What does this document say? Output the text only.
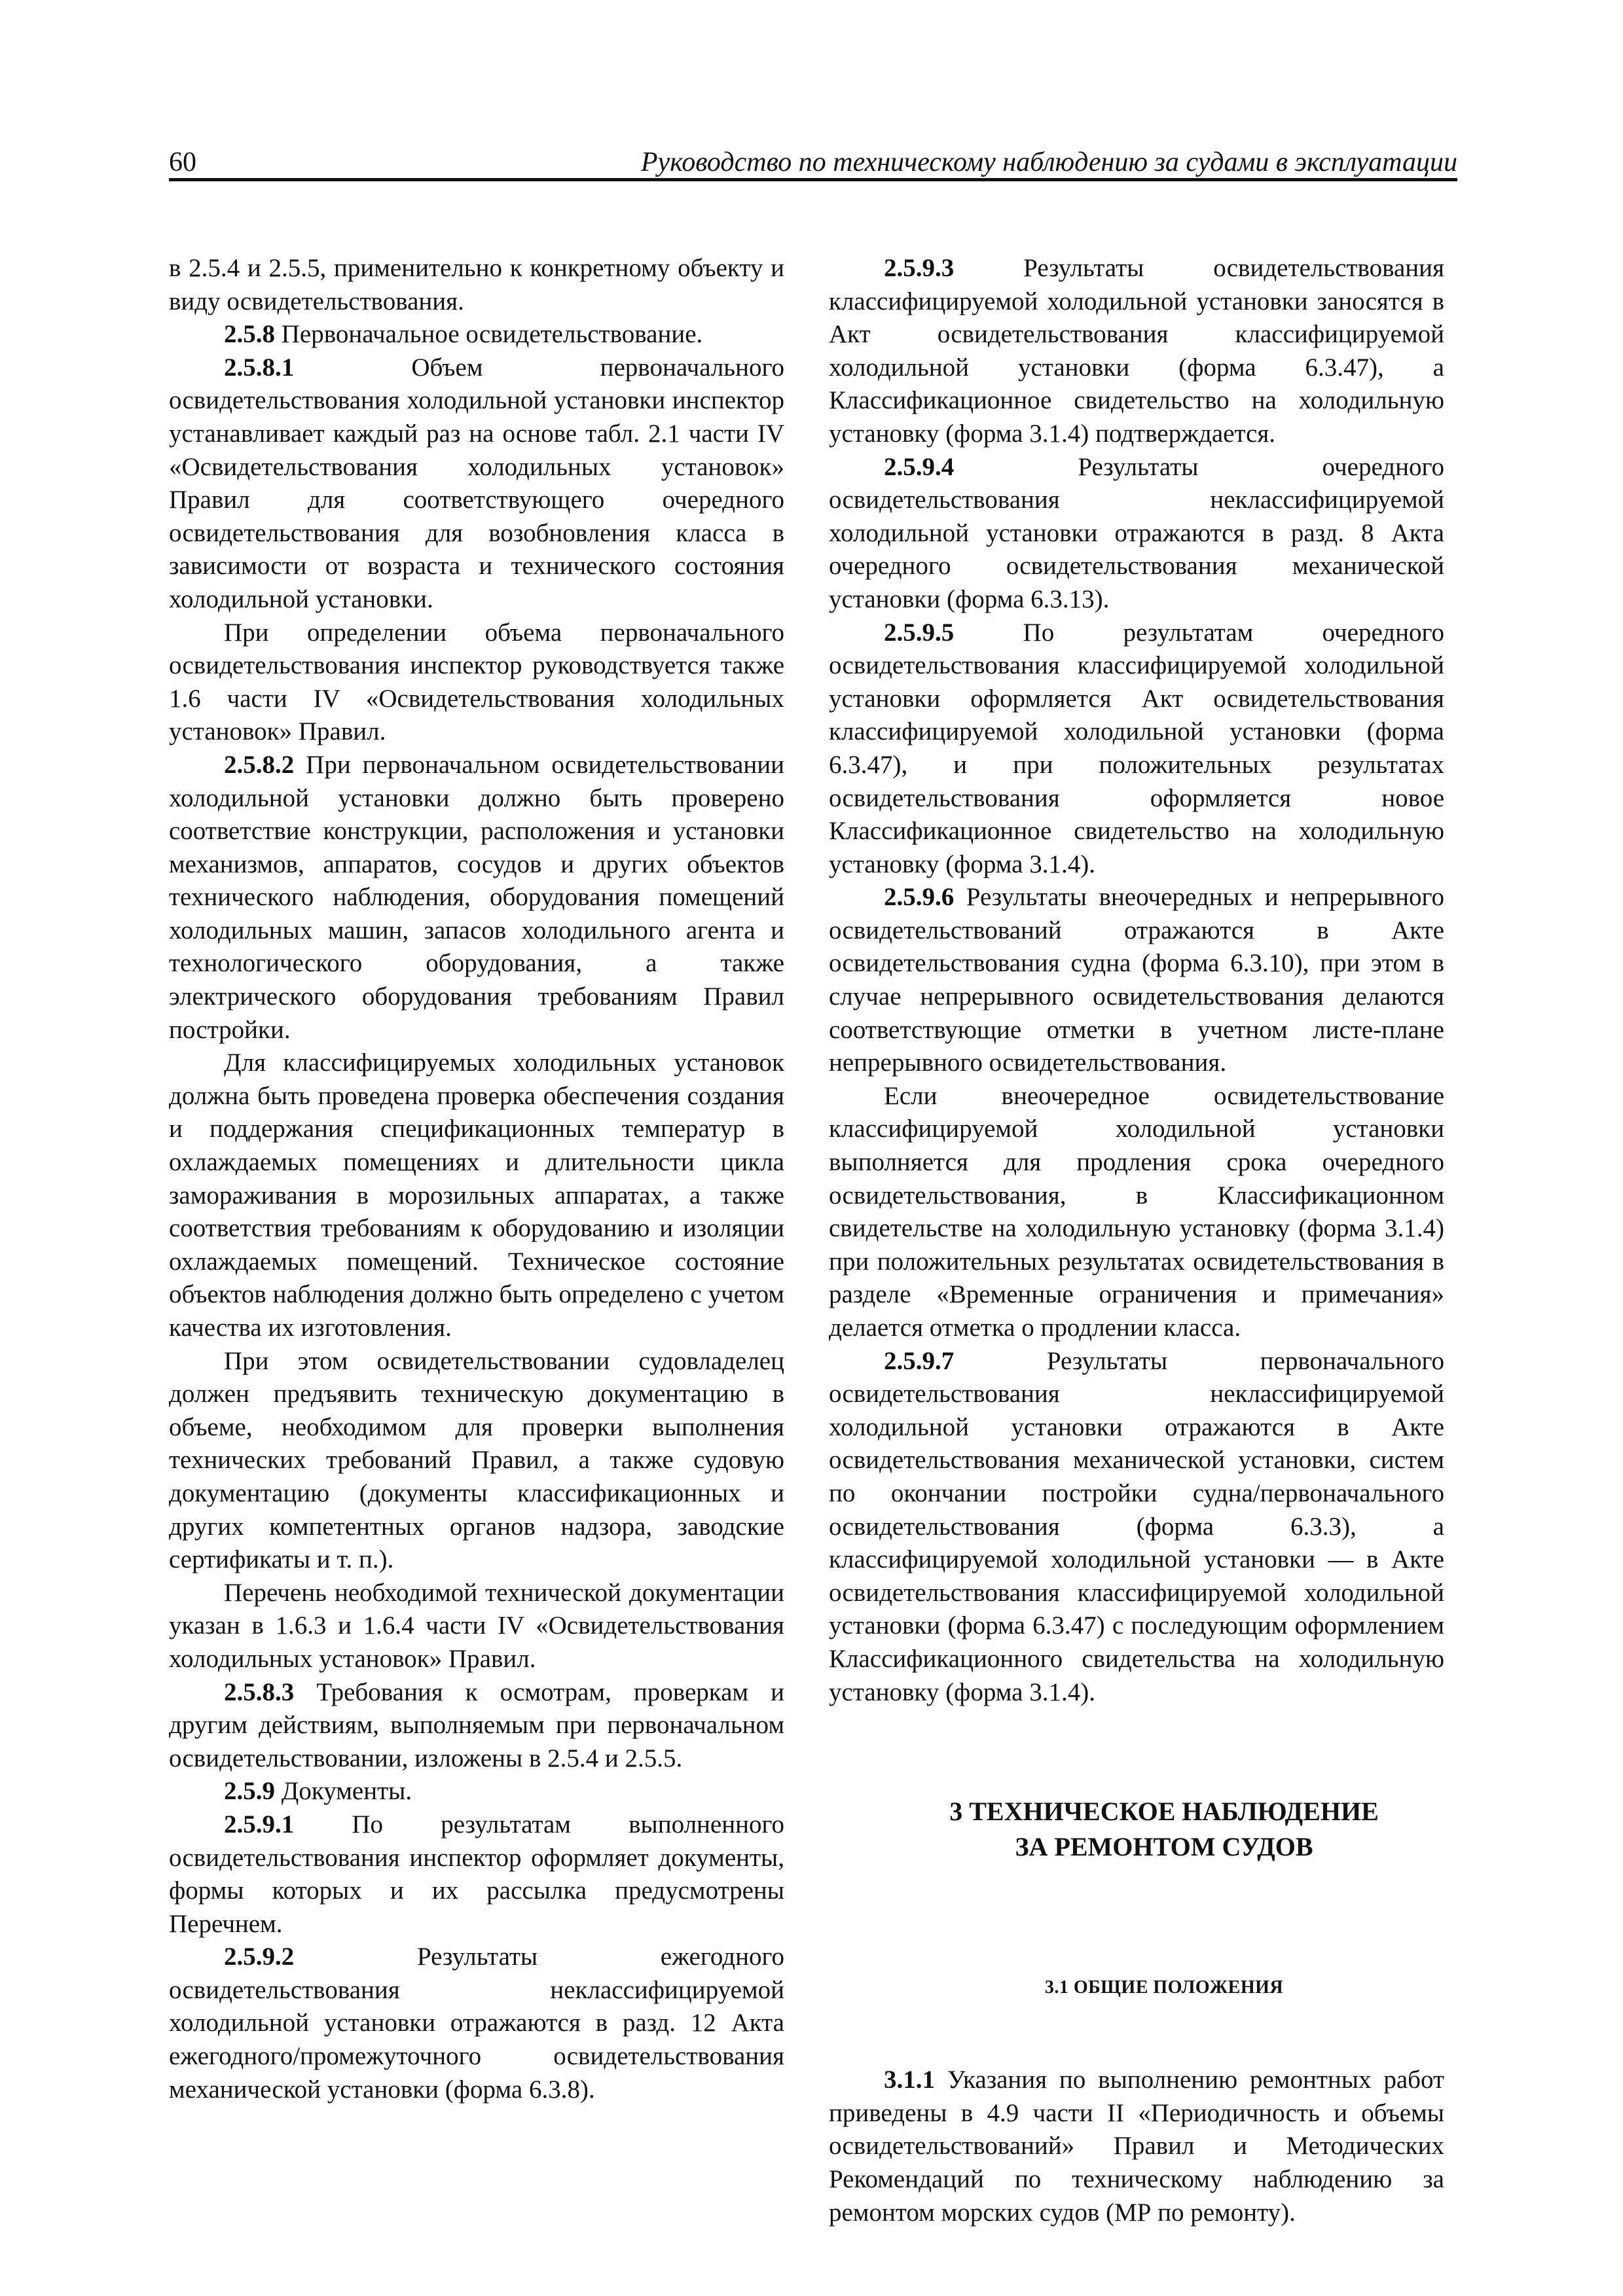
60	Руководство по техническому наблюдению за судами в эксплуатации

в 2.5.4 и 2.5.5, применительно к конкретному объекту и виду освидетельствования.

2.5.8 Первоначальное освидетельствование.

2.5.8.1 Объем первоначального освидетельствования холодильной установки инспектор устанавливает каждый раз на основе табл. 2.1 части IV «Освидетельствования холодильных установок» Правил для соответствующего очередного освидетельствования для возобновления класса в зависимости от возраста и технического состояния холодильной установки.

При определении объема первоначального освидетельствования инспектор руководствуется также 1.6 части IV «Освидетельствования холодильных установок» Правил.

2.5.8.2 При первоначальном освидетельствовании холодильной установки должно быть проверено соответствие конструкции, расположения и установки механизмов, аппаратов, сосудов и других объектов технического наблюдения, оборудования помещений холодильных машин, запасов холодильного агента и технологического оборудования, а также электрического оборудования требованиям Правил постройки.

Для классифицируемых холодильных установок должна быть проведена проверка обеспечения создания и поддержания спецификационных температур в охлаждаемых помещениях и длительности цикла замораживания в морозильных аппаратах, а также соответствия требованиям к оборудованию и изоляции охлаждаемых помещений. Техническое состояние объектов наблюдения должно быть определено с учетом качества их изготовления.

При этом освидетельствовании судовладелец должен предъявить техническую документацию в объеме, необходимом для проверки выполнения технических требований Правил, а также судовую документацию (документы классификационных и других компетентных органов надзора, заводские сертификаты и т. п.).

Перечень необходимой технической документации указан в 1.6.3 и 1.6.4 части IV «Освидетельствования холодильных установок» Правил.

2.5.8.3 Требования к осмотрам, проверкам и другим действиям, выполняемым при первоначальном освидетельствовании, изложены в 2.5.4 и 2.5.5.

2.5.9 Документы.

2.5.9.1 По результатам выполненного освидетельствования инспектор оформляет документы, формы которых и их рассылка предусмотрены Перечнем.

2.5.9.2 Результаты ежегодного освидетельствования неклассифицируемой холодильной установки отражаются в разд. 12 Акта ежегодного/промежуточного освидетельствования механической установки (форма 6.3.8).

2.5.9.3 Результаты освидетельствования классифицируемой холодильной установки заносятся в Акт освидетельствования классифицируемой холодильной установки (форма 6.3.47), а Классификационное свидетельство на холодильную установку (форма 3.1.4) подтверждается.

2.5.9.4 Результаты очередного освидетельствования неклассифицируемой холодильной установки отражаются в разд. 8 Акта очередного освидетельствования механической установки (форма 6.3.13).

2.5.9.5 По результатам очередного освидетельствования классифицируемой холодильной установки оформляется Акт освидетельствования классифицируемой холодильной установки (форма 6.3.47), и при положительных результатах освидетельствования оформляется новое Классификационное свидетельство на холодильную установку (форма 3.1.4).

2.5.9.6 Результаты внеочередных и непрерывного освидетельствований отражаются в Акте освидетельствования судна (форма 6.3.10), при этом в случае непрерывного освидетельствования делаются соответствующие отметки в учетном листе-плане непрерывного освидетельствования.

Если внеочередное освидетельствование классифицируемой холодильной установки выполняется для продления срока очередного освидетельствования, в Классификационном свидетельстве на холодильную установку (форма 3.1.4) при положительных результатах освидетельствования в разделе «Временные ограничения и примечания» делается отметка о продлении класса.

2.5.9.7 Результаты первоначального освидетельствования неклассифицируемой холодильной установки отражаются в Акте освидетельствования механической установки, систем по окончании постройки судна/первоначального освидетельствования (форма 6.3.3), а классифицируемой холодильной установки — в Акте освидетельствования классифицируемой холодильной установки (форма 6.3.47) с последующим оформлением Классификационного свидетельства на холодильную установку (форма 3.1.4).

3 ТЕХНИЧЕСКОЕ НАБЛЮДЕНИЕ

ЗА РЕМОНТОМ СУДОВ

3.1 ОБЩИЕ ПОЛОЖЕНИЯ

3.1.1 Указания по выполнению ремонтных работ приведены в 4.9 части II «Периодичность и объемы освидетельствований» Правил и Методических Рекомендаций по техническому наблюдению за ремонтом морских судов (МР по ремонту).
